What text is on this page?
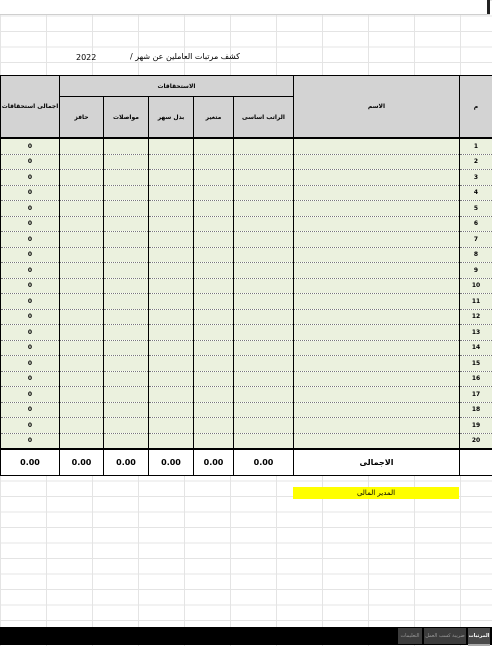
كشف مرتبات العاملين عن شهر /
2022
م	الاسم	الاستحقاقات					اجمالى استحقاقات
		الراتب اساسى	متغير	بدل سهر	مواصلات	حافز	
1							0
2							0
3							0
4							0
5							0
6							0
7							0
8							0
9							0
10							0
11							0
12							0
13							0
14							0
15							0
16							0
17							0
18							0
19							0
20							0
	الاجمالى	0.00	0.00	0.00	0.00	0.00	0.00
المدير المالى
المرتبات
ضريبة كسب العمل
التعليمات
